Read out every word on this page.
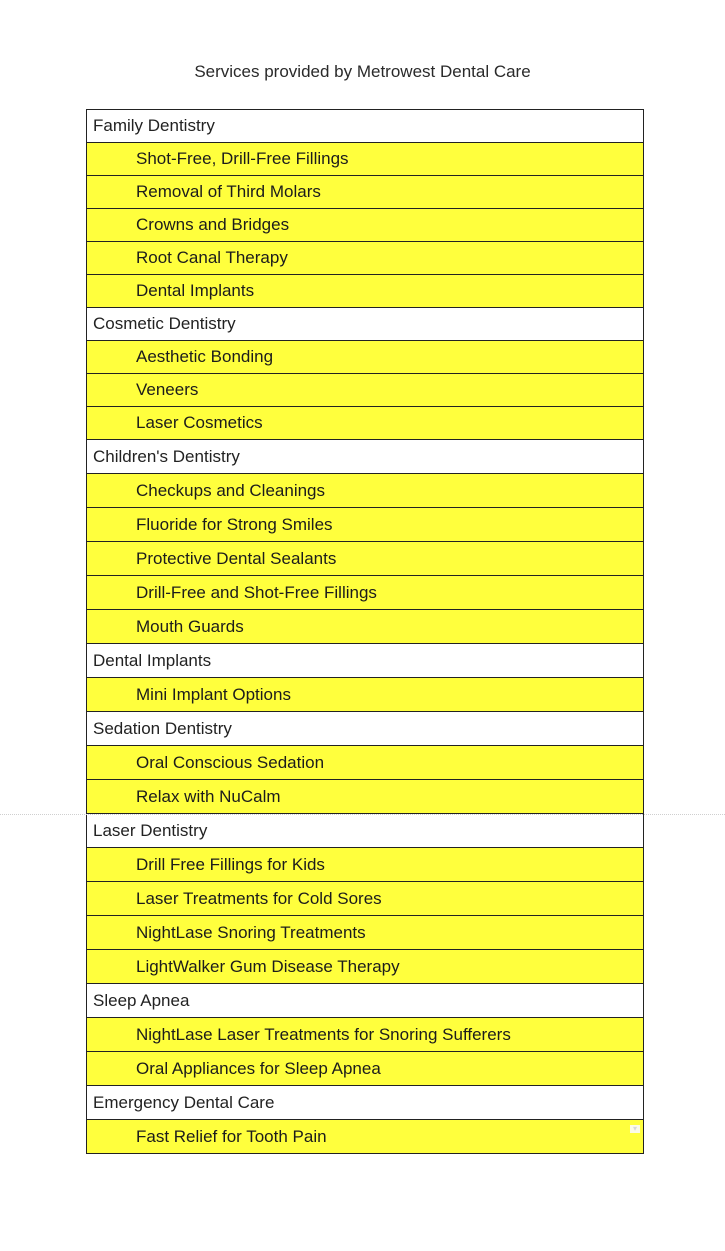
Services provided by Metrowest Dental Care
Family Dentistry
Shot-Free, Drill-Free Fillings
Removal of Third Molars
Crowns and Bridges
Root Canal Therapy
Dental Implants
Cosmetic Dentistry
Aesthetic Bonding
Veneers
Laser Cosmetics
Children's Dentistry
Checkups and Cleanings
Fluoride for Strong Smiles
Protective Dental Sealants
Drill-Free and Shot-Free Fillings
Mouth Guards
Dental Implants
Mini Implant Options
Sedation Dentistry
Oral Conscious Sedation
Relax with NuCalm
Laser Dentistry
Drill Free Fillings for Kids
Laser Treatments for Cold Sores
NightLase Snoring Treatments
LightWalker Gum Disease Therapy
Sleep Apnea
NightLase Laser Treatments for Snoring Sufferers
Oral Appliances for Sleep Apnea
Emergency Dental Care
Fast Relief for Tooth Pain	▾
